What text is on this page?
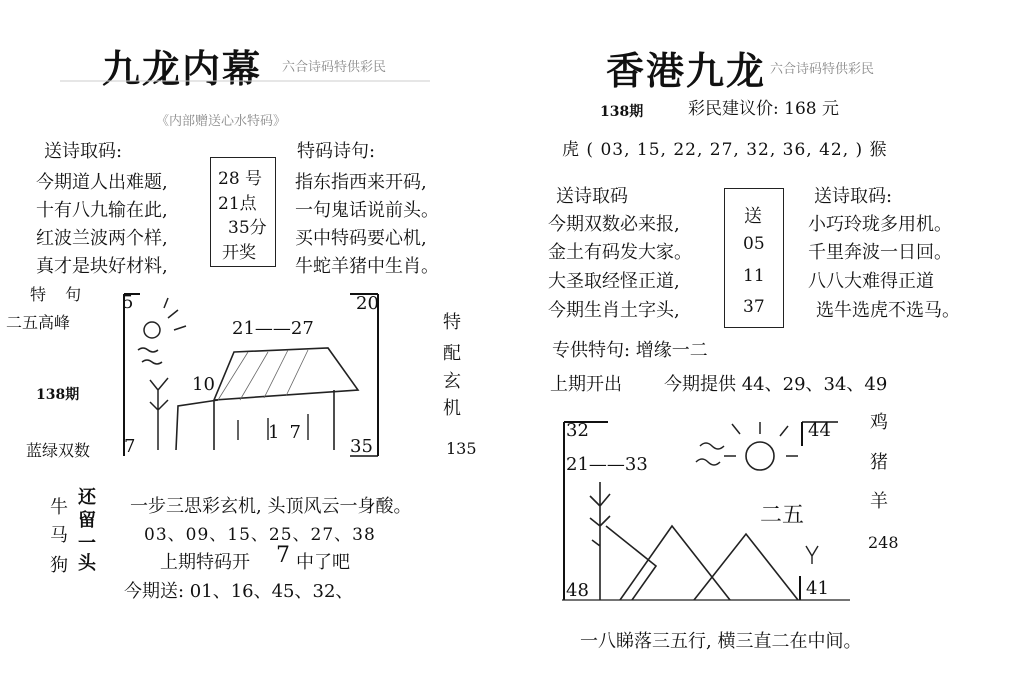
九龙内幕 六合诗码特供彩民
《内部赠送心水特码》
送诗取码:	特码诗句:
今期道人出难题,
十有八九输在此,
红波兰波两个样,
真才是块好材料,
28 号
21点
35分
开奖
指东指西来开码,
一句鬼话说前头。
买中特码要心机,
牛蛇羊猪中生肖。
特 句
二五高峰
138期
蓝绿双数
5	20
21——27
7	35
10
17
特
配
玄
机
135
牛
马
狗
还
留
一
头
一步三思彩玄机, 头顶风云一身酸。
03、09、15、25、27、38
上期特码开 7 中了吧
今期送: 01、16、45、32、
香港九龙 六合诗码特供彩民
138期	彩民建议价: 168 元
虎 ( 03, 15, 22, 27, 32, 36, 42, ) 猴
送诗取码	送诗取码:
今期双数必来报,
金土有码发大家。
大圣取经怪正道,
今期生肖土字头,
送
05
11
37
小巧玲珑多用机。
千里奔波一日回。
八八大难得正道
选牛选虎不选马。
专供特句: 增缘一二
上期开出 今期提供 44、29、34、49
32	44
21——33
48	41
二五
鸡
猪
羊
248
一八睇落三五行, 横三直二在中间。
